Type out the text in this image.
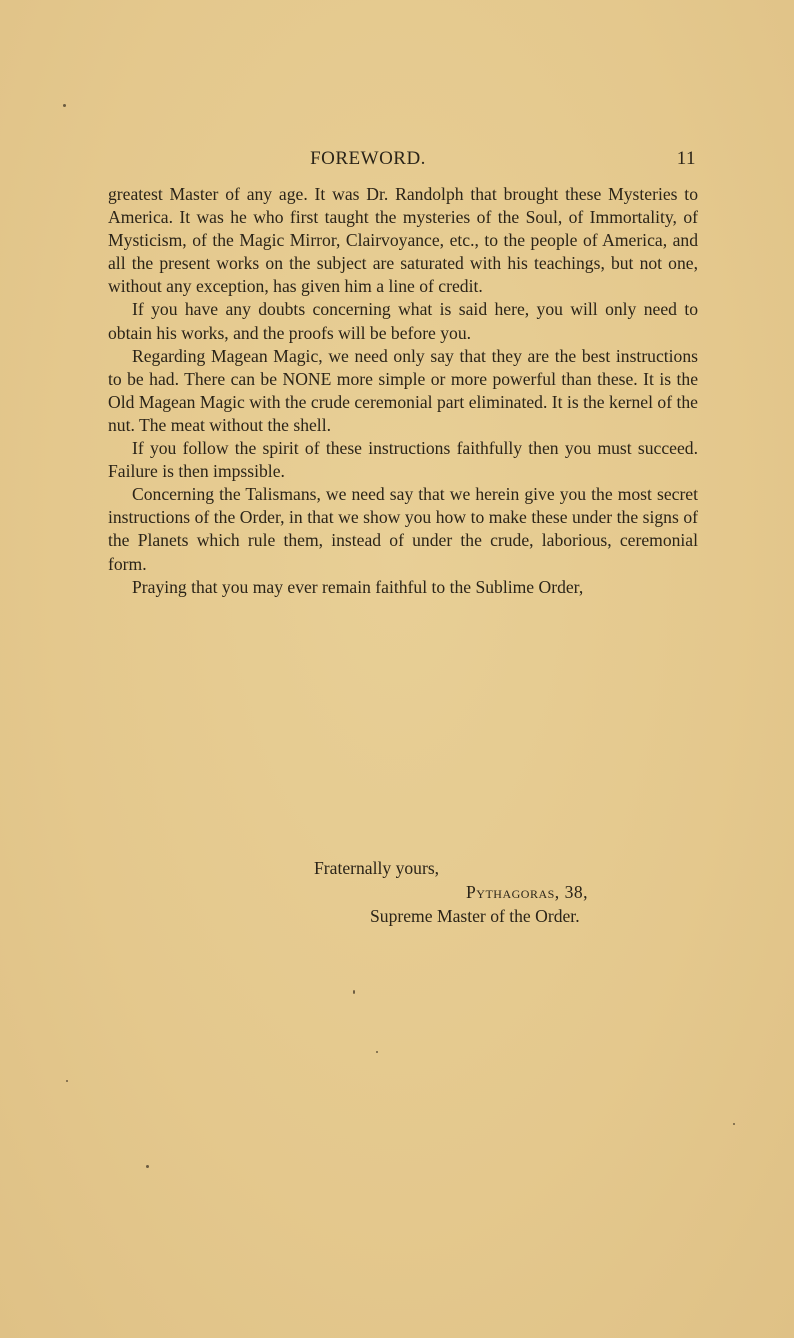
FOREWORD.	11

greatest Master of any age. It was Dr. Randolph that brought these Mysteries to America. It was he who first taught the mysteries of the Soul, of Immortality, of Mysticism, of the Magic Mirror, Clairvoyance, etc., to the people of America, and all the present works on the subject are saturated with his teachings, but not one, without any exception, has given him a line of credit.

If you have any doubts concerning what is said here, you will only need to obtain his works, and the proofs will be before you.

Regarding Magean Magic, we need only say that they are the best instructions to be had. There can be NONE more simple or more powerful than these. It is the Old Magean Magic with the crude ceremonial part eliminated. It is the kernel of the nut. The meat without the shell.

If you follow the spirit of these instructions faithfully then you must succeed. Failure is then impssible.

Concerning the Talismans, we need say that we herein give you the most secret instructions of the Order, in that we show you how to make these under the signs of the Planets which rule them, instead of under the crude, laborious, ceremonial form.

Praying that you may ever remain faithful to the Sublime Order,

Fraternally yours,
Pythagoras, 38,
Supreme Master of the Order.
